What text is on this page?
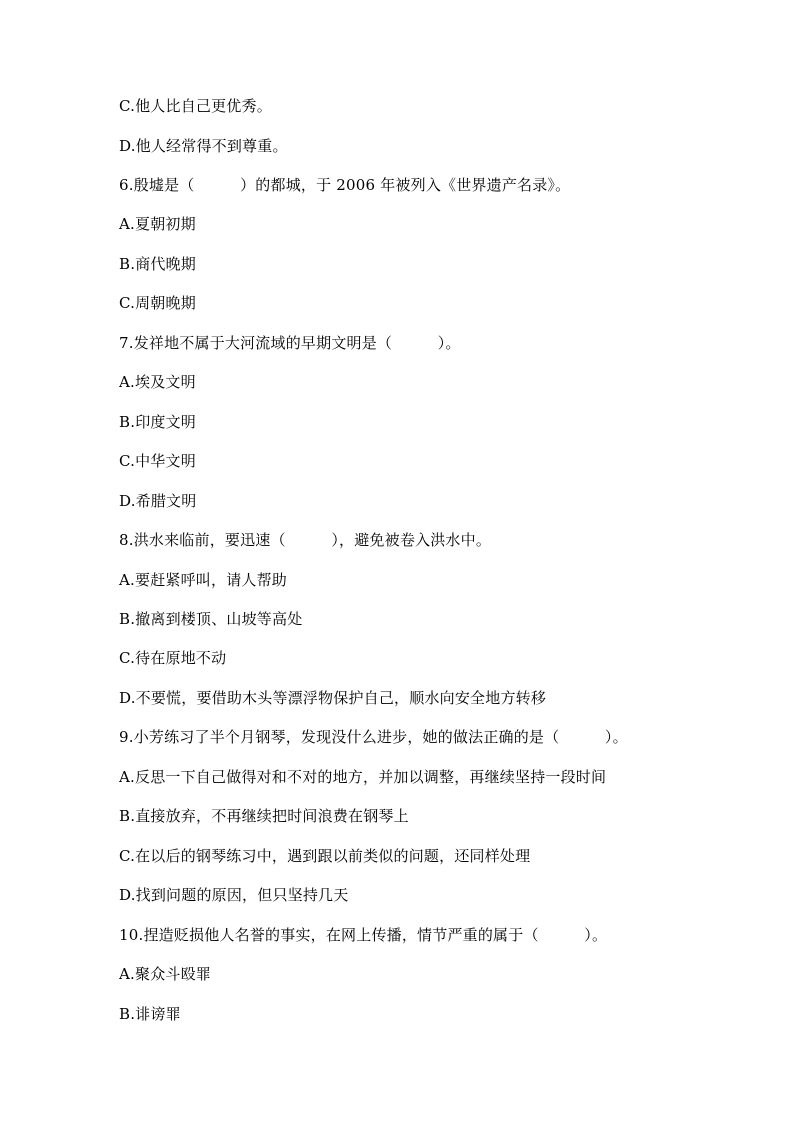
C.他人比自己更优秀。
D.他人经常得不到尊重。
6.殷墟是（　　　）的都城，于 2006 年被列入《世界遗产名录》。
A.夏朝初期
B.商代晚期
C.周朝晚期
7.发祥地不属于大河流域的早期文明是（　　　）。
A.埃及文明
B.印度文明
C.中华文明
D.希腊文明
8.洪水来临前，要迅速（　　　），避免被卷入洪水中。
A.要赶紧呼叫，请人帮助
B.撤离到楼顶、山坡等高处
C.待在原地不动
D.不要慌，要借助木头等漂浮物保护自己，顺水向安全地方转移
9.小芳练习了半个月钢琴，发现没什么进步，她的做法正确的是（　　　）。
A.反思一下自己做得对和不对的地方，并加以调整，再继续坚持一段时间
B.直接放弃，不再继续把时间浪费在钢琴上
C.在以后的钢琴练习中，遇到跟以前类似的问题，还同样处理
D.找到问题的原因，但只坚持几天
10.捏造贬损他人名誉的事实，在网上传播，情节严重的属于（　　　）。
A.聚众斗殴罪
B.诽谤罪
